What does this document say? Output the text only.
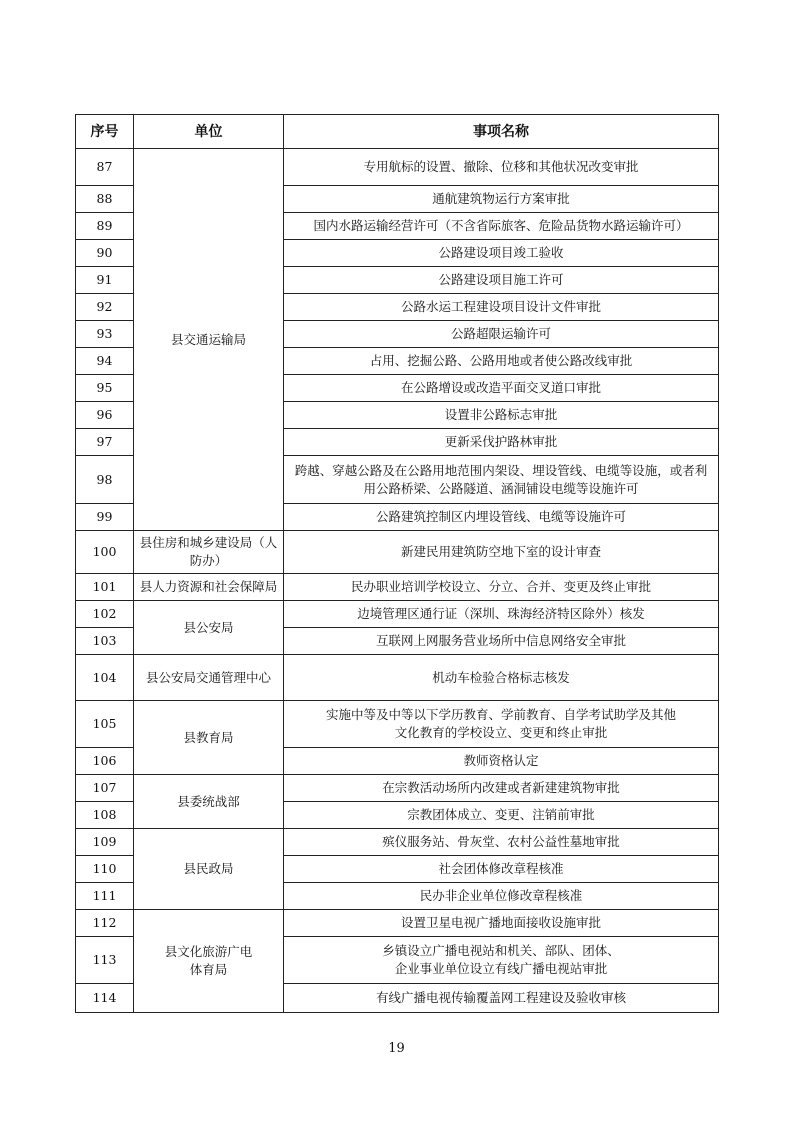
序号	单位	事项名称
87	县交通运输局	专用航标的设置、撤除、位移和其他状况改变审批

88		通航建筑物运行方案审批

89		国内水路运输经营许可（不含省际旅客、危险品货物水路运输许可）

90		公路建设项目竣工验收

91		公路建设项目施工许可

92		公路水运工程建设项目设计文件审批

93		公路超限运输许可

94		占用、挖掘公路、公路用地或者使公路改线审批

95		在公路增设或改造平面交叉道口审批

96		设置非公路标志审批

97		更新采伐护路林审批

98		跨越、穿越公路及在公路用地范围内架设、埋设管线、电缆等设施，或者利
用公路桥梁、公路隧道、涵洞铺设电缆等设施许可

99		公路建筑控制区内埋设管线、电缆等设施许可

100	县住房和城乡建设局（人防办）	新建民用建筑防空地下室的设计审查

101	县人力资源和社会保障局	民办职业培训学校设立、分立、合并、变更及终止审批

102	县公安局	边境管理区通行证（深圳、珠海经济特区除外）核发

103		互联网上网服务营业场所中信息网络安全审批

104	县公安局交通管理中心	机动车检验合格标志核发

105	县教育局	实施中等及中等以下学历教育、学前教育、自学考试助学及其他
文化教育的学校设立、变更和终止审批

106		教师资格认定

107	县委统战部	在宗教活动场所内改建或者新建建筑物审批

108		宗教团体成立、变更、注销前审批

109	县民政局	殡仪服务站、骨灰堂、农村公益性墓地审批

110		社会团体修改章程核准

111		民办非企业单位修改章程核准

112	县文化旅游广电体育局	设置卫星电视广播地面接收设施审批

113		乡镇设立广播电视站和机关、部队、团体、
企业事业单位设立有线广播电视站审批

114		有线广播电视传输覆盖网工程建设及验收审核
19
